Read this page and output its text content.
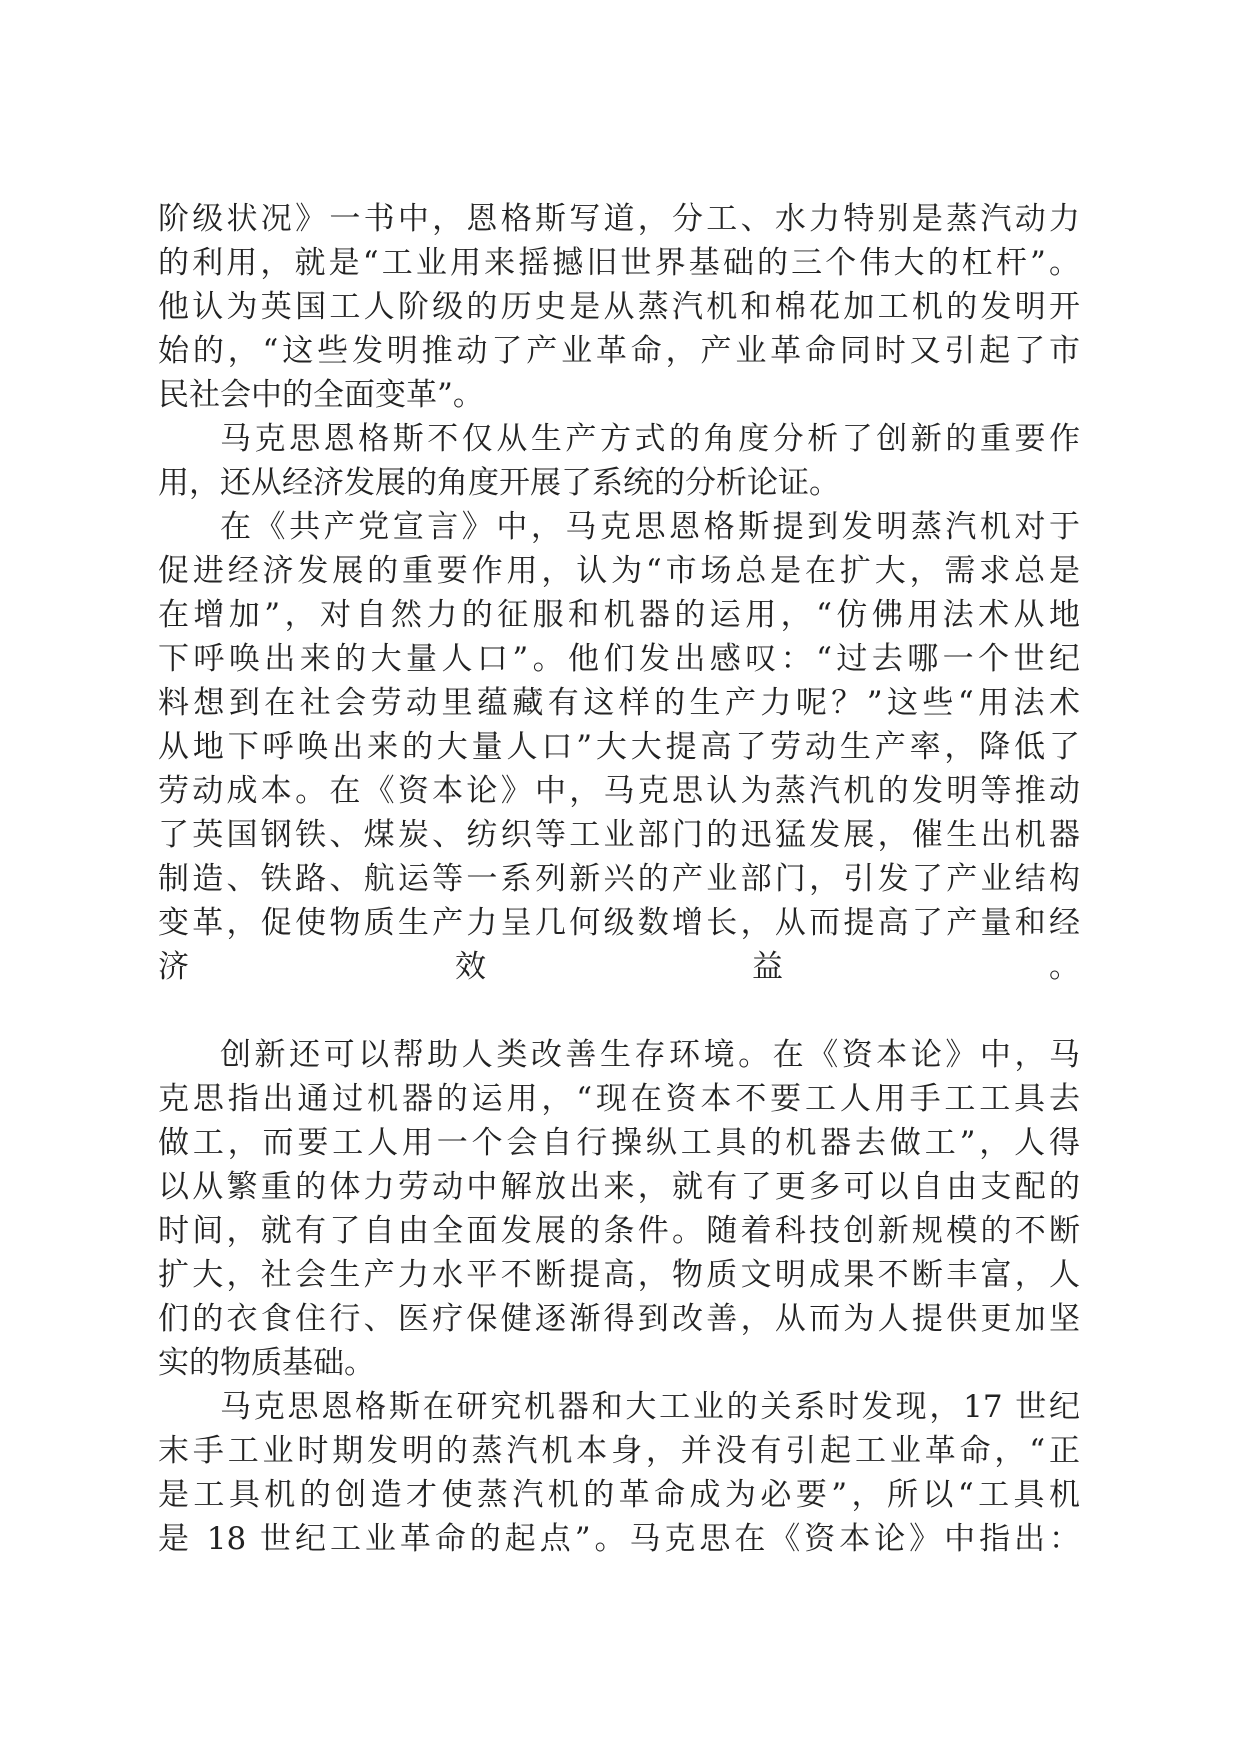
阶级状况》一书中，恩格斯写道，分工、水力特别是蒸汽动力
的利用，就是“工业用来摇撼旧世界基础的三个伟大的杠杆”。
他认为英国工人阶级的历史是从蒸汽机和棉花加工机的发明开
始的，“这些发明推动了产业革命，产业革命同时又引起了市
民社会中的全面变革”。
马克思恩格斯不仅从生产方式的角度分析了创新的重要作
用，还从经济发展的角度开展了系统的分析论证。
在《共产党宣言》中，马克思恩格斯提到发明蒸汽机对于
促进经济发展的重要作用，认为“市场总是在扩大，需求总是
在增加”，对自然力的征服和机器的运用，“仿佛用法术从地
下呼唤出来的大量人口”。他们发出感叹：“过去哪一个世纪
料想到在社会劳动里蕴藏有这样的生产力呢？”这些“用法术
从地下呼唤出来的大量人口”大大提高了劳动生产率，降低了
劳动成本。在《资本论》中，马克思认为蒸汽机的发明等推动
了英国钢铁、煤炭、纺织等工业部门的迅猛发展，催生出机器
制造、铁路、航运等一系列新兴的产业部门，引发了产业结构
变革，促使物质生产力呈几何级数增长，从而提高了产量和经
济效益。
创新还可以帮助人类改善生存环境。在《资本论》中，马
克思指出通过机器的运用，“现在资本不要工人用手工工具去
做工，而要工人用一个会自行操纵工具的机器去做工”，人得
以从繁重的体力劳动中解放出来，就有了更多可以自由支配的
时间，就有了自由全面发展的条件。随着科技创新规模的不断
扩大，社会生产力水平不断提高，物质文明成果不断丰富，人
们的衣食住行、医疗保健逐渐得到改善，从而为人提供更加坚
实的物质基础。
马克思恩格斯在研究机器和大工业的关系时发现，17 世纪
末手工业时期发明的蒸汽机本身，并没有引起工业革命，“正
是工具机的创造才使蒸汽机的革命成为必要”，所以“工具机
是 18 世纪工业革命的起点”。马克思在《资本论》中指出：
